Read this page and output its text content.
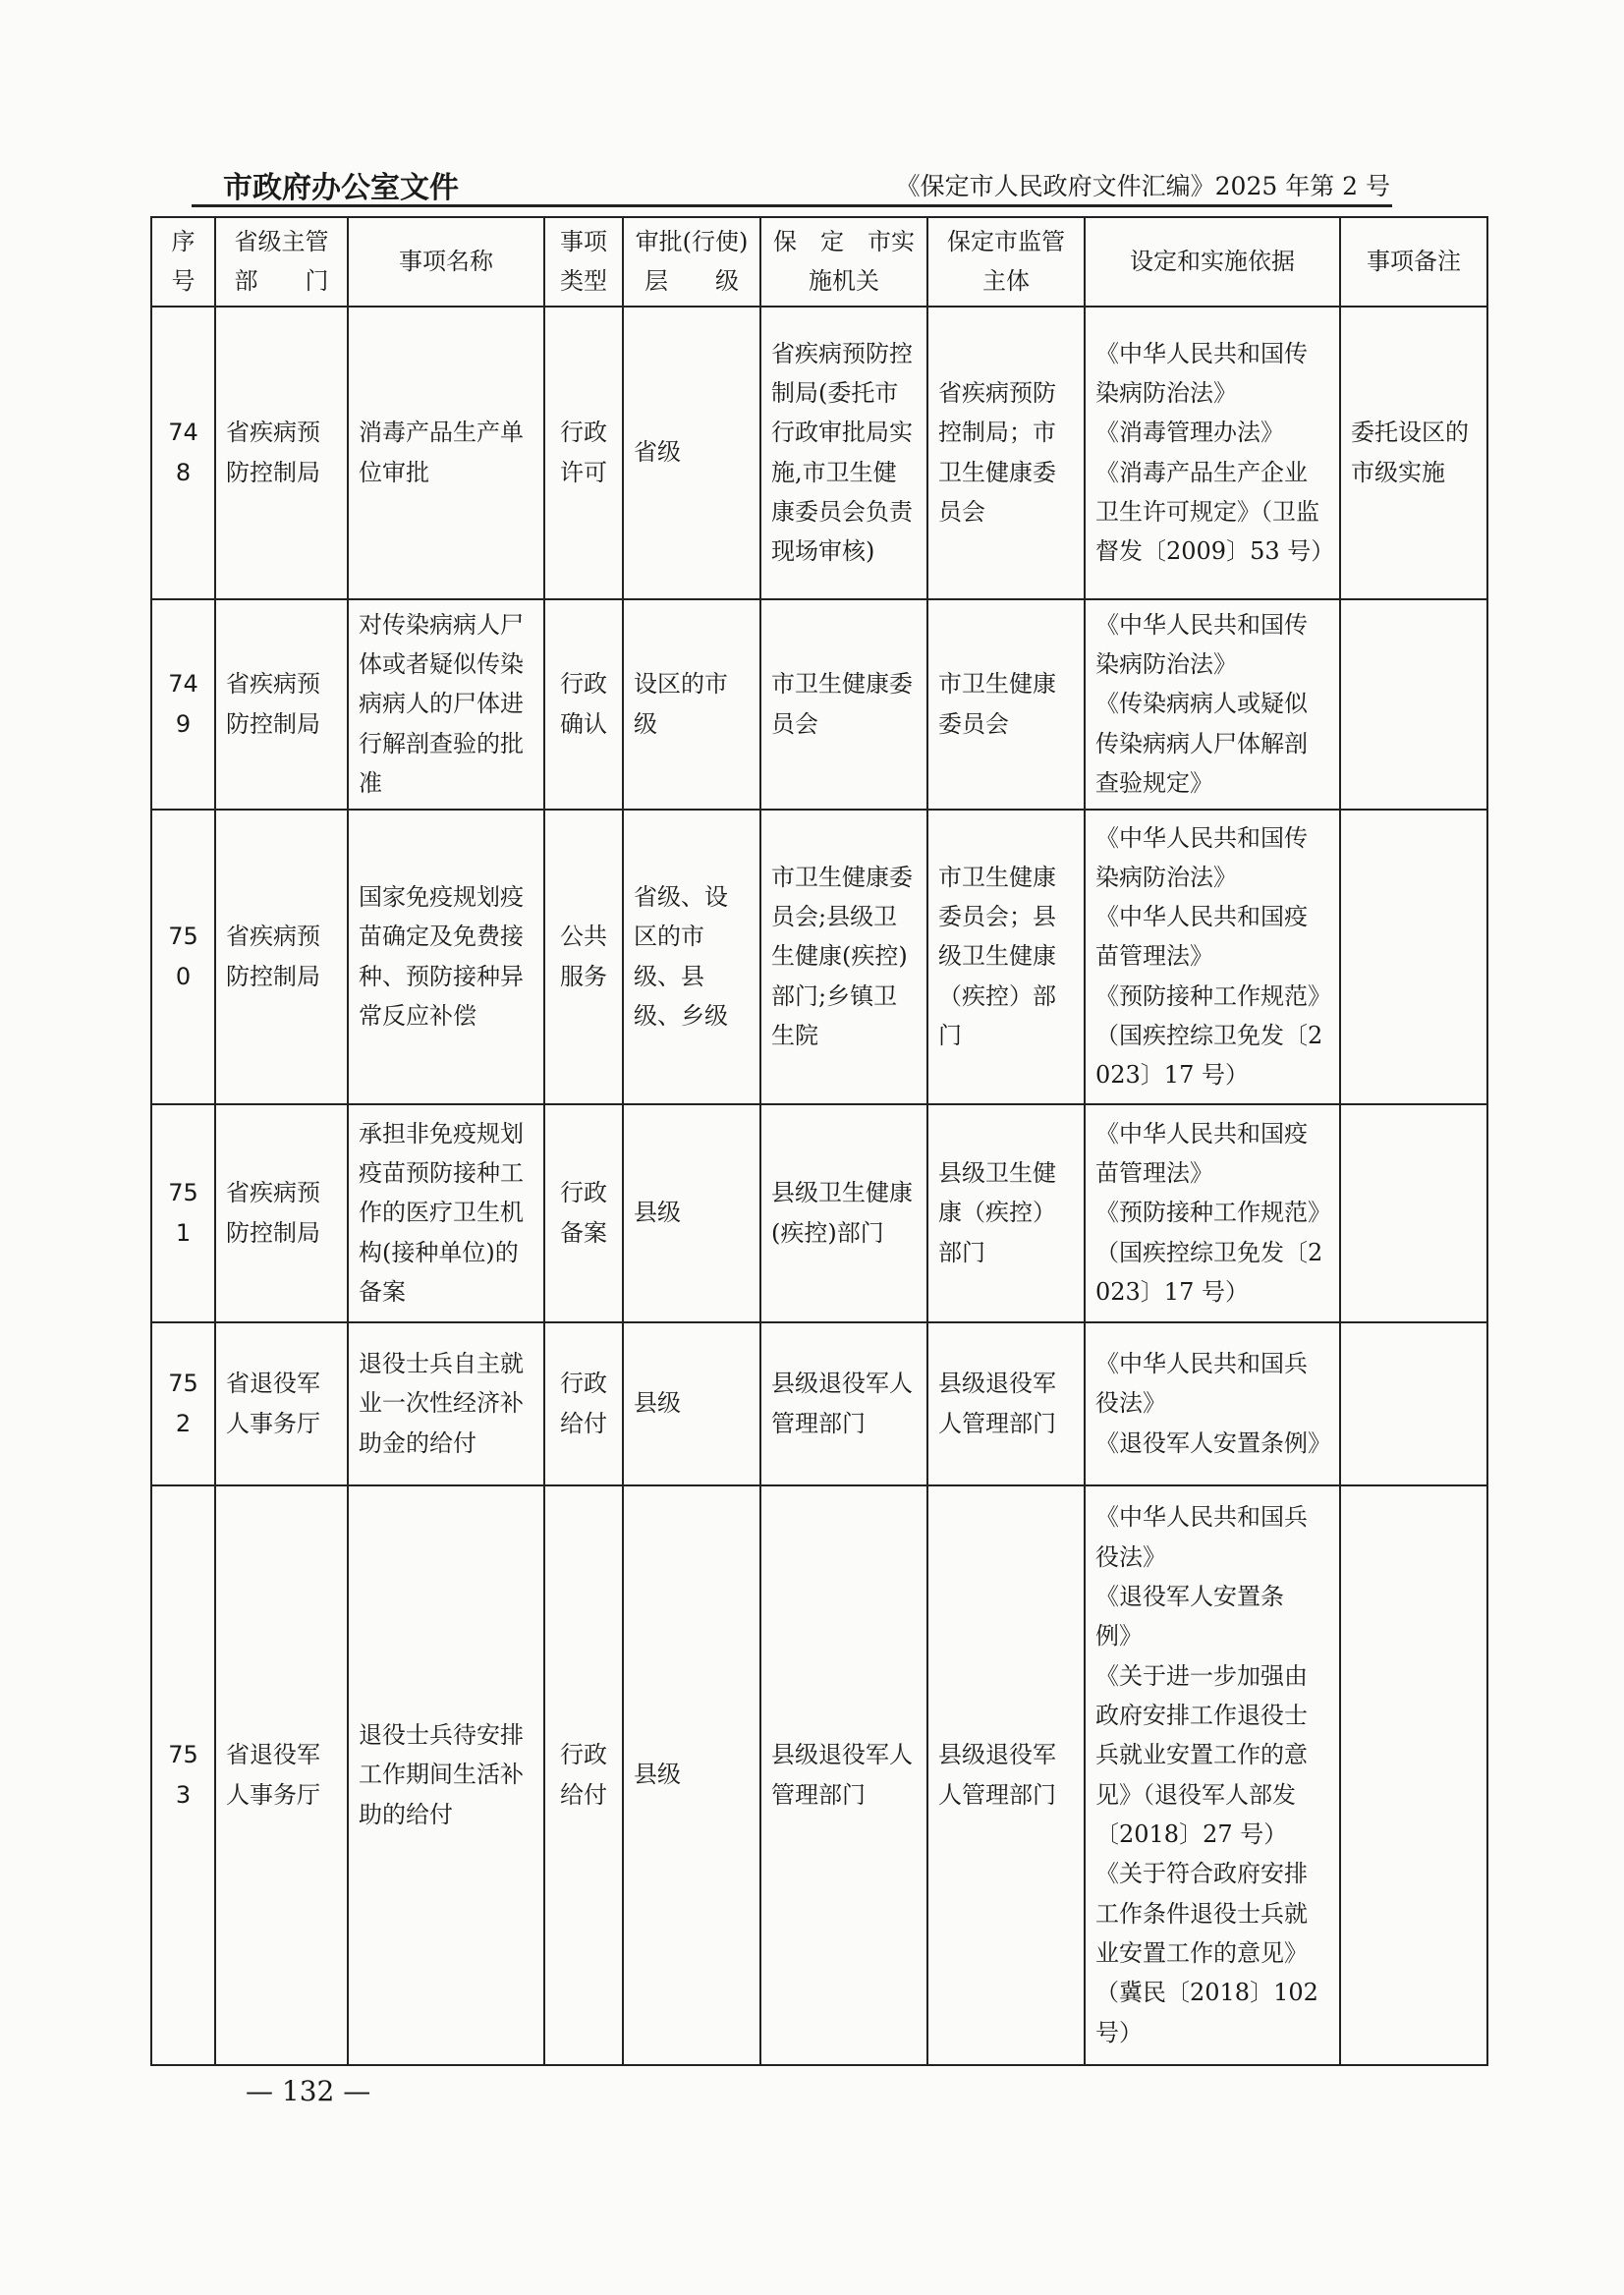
市政府办公室文件	《保定市人民政府文件汇编》2025 年第 2 号
序号	省级主管部　　门	事项名称	事项类型	审批(行使)层　　级	保　定　市实施机关	保定市监管主体	设定和实施依据	事项备注
748	省疾病预防控制局	消毒产品生产单位审批	行政许可	省级	省疾病预防控制局(委托市行政审批局实施,市卫生健康委员会负责现场审核)	省疾病预防控制局；市卫生健康委员会	《中华人民共和国传染病防治法》
《消毒管理办法》
《消毒产品生产企业卫生许可规定》（卫监督发〔2009〕53 号）	委托设区的市级实施
749	省疾病预防控制局	对传染病病人尸体或者疑似传染病病人的尸体进行解剖查验的批准	行政确认	设区的市级	市卫生健康委员会	市卫生健康委员会	《中华人民共和国传染病防治法》
《传染病病人或疑似传染病病人尸体解剖查验规定》	
750	省疾病预防控制局	国家免疫规划疫苗确定及免费接种、预防接种异常反应补偿	公共服务	省级、设区的市级、县级、乡级	市卫生健康委员会;县级卫生健康(疾控)部门;乡镇卫生院	市卫生健康委员会；县级卫生健康（疾控）部门	《中华人民共和国传染病防治法》
《中华人民共和国疫苗管理法》
《预防接种工作规范》（国疾控综卫免发〔2023〕17 号）	
751	省疾病预防控制局	承担非免疫规划疫苗预防接种工作的医疗卫生机构(接种单位)的备案	行政备案	县级	县级卫生健康(疾控)部门	县级卫生健康（疾控）部门	《中华人民共和国疫苗管理法》
《预防接种工作规范》（国疾控综卫免发〔2023〕17 号）	
752	省退役军人事务厅	退役士兵自主就业一次性经济补助金的给付	行政给付	县级	县级退役军人管理部门	县级退役军人管理部门	《中华人民共和国兵役法》
《退役军人安置条例》	
753	省退役军人事务厅	退役士兵待安排工作期间生活补助的给付	行政给付	县级	县级退役军人管理部门	县级退役军人管理部门	《中华人民共和国兵役法》
《退役军人安置条例》
《关于进一步加强由政府安排工作退役士兵就业安置工作的意见》（退役军人部发〔2018〕27 号）
《关于符合政府安排工作条件退役士兵就业安置工作的意见》（冀民〔2018〕102 号）	
— 132 —
